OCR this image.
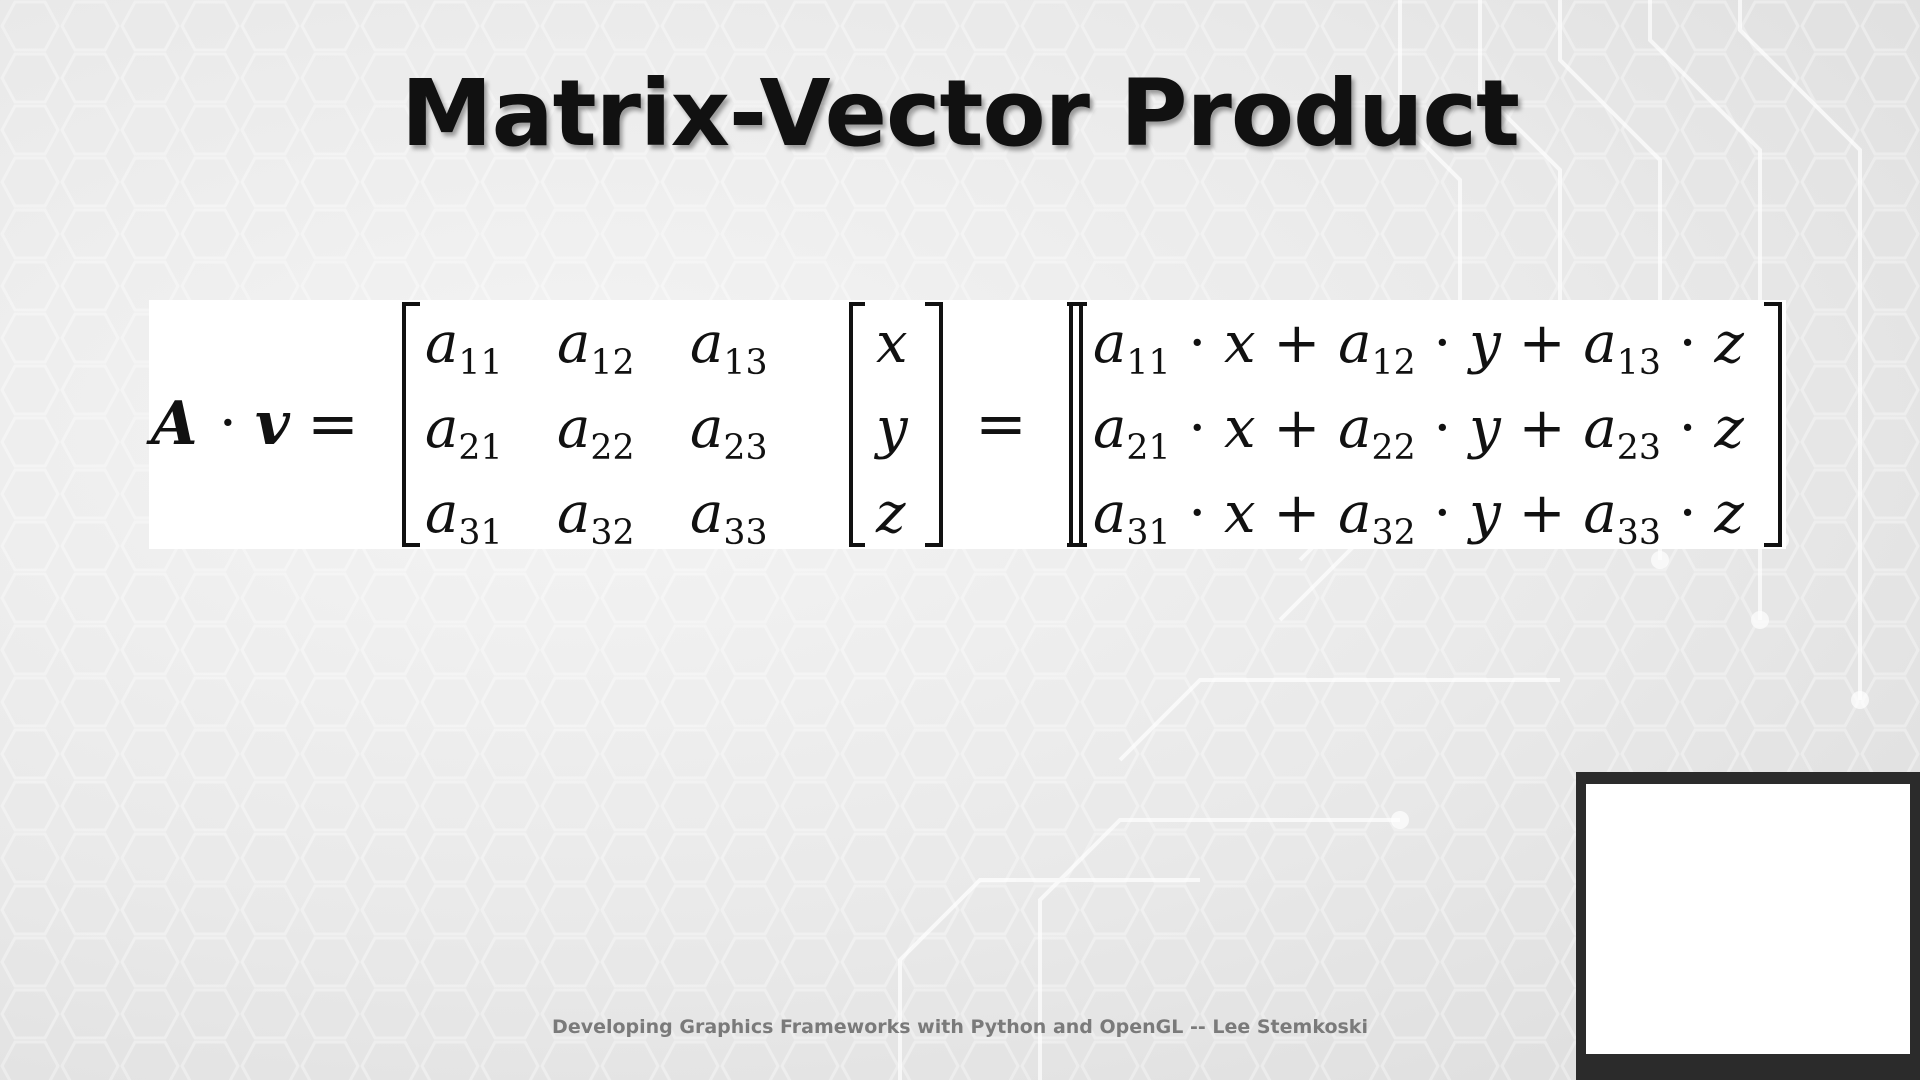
Matrix-Vector Product
A · v =
$a_{11}$ $a_{12}$ $a_{13}$
$a_{21}$ $a_{22}$ $a_{23}$
$a_{31}$ $a_{32}$ $a_{33}$
x
y
z
=
$a_{11} \cdot x + a_{12} \cdot y + a_{13} \cdot z$
$a_{21} \cdot x + a_{22} \cdot y + a_{23} \cdot z$
$a_{31} \cdot x + a_{32} \cdot y + a_{33} \cdot z$
Developing Graphics Frameworks with Python and OpenGL -- Lee Stemkoski
